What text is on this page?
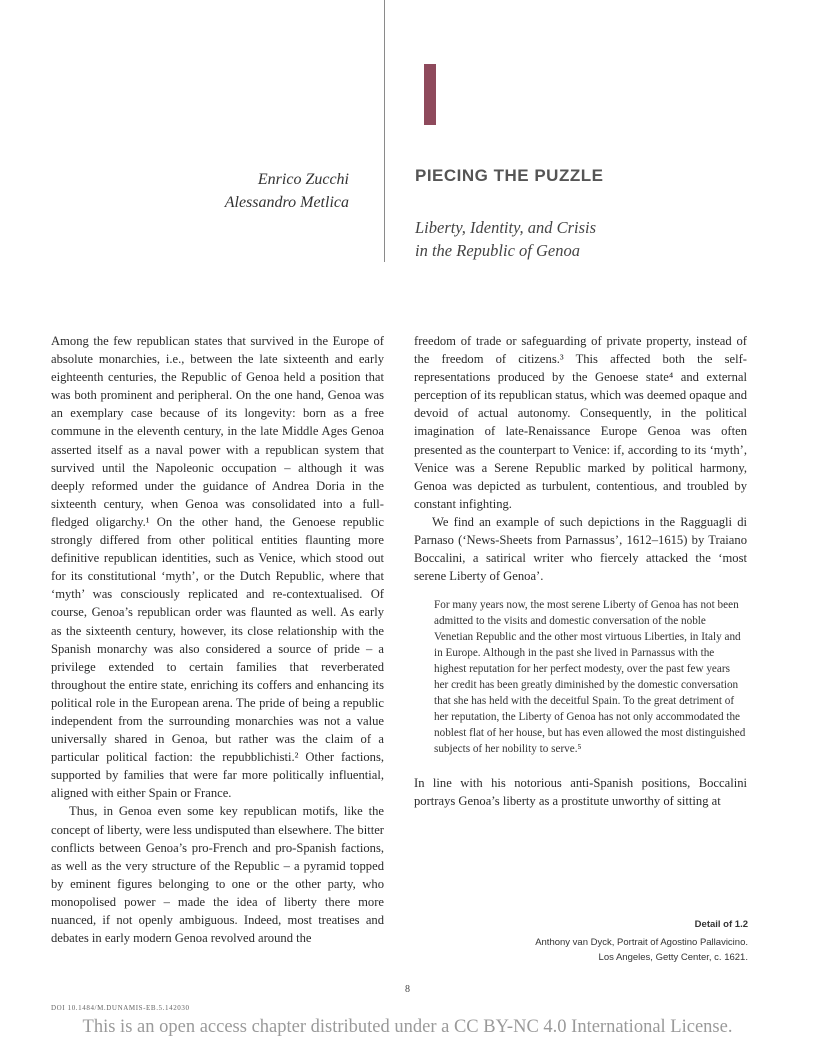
Enrico Zucchi
Alessandro Metlica
PIECING THE PUZZLE
Liberty, Identity, and Crisis
in the Republic of Genoa

Among the few republican states that survived in the Europe of absolute monarchies, i.e., between the late sixteenth and early eighteenth centuries, the Republic of Genoa held a position that was both prominent and peripheral. On the one hand, Genoa was an exemplary case because of its longevity: born as a free commune in the eleventh century, in the late Middle Ages Genoa asserted itself as a naval power with a republican system that survived until the Napoleonic occupation – although it was deeply reformed under the guidance of Andrea Doria in the sixteenth century, when Genoa was consolidated into a full-fledged oligarchy.¹ On the other hand, the Genoese republic strongly differed from other political entities flaunting more definitive republican identities, such as Venice, which stood out for its constitutional ‘myth’, or the Dutch Republic, where that ‘myth’ was consciously replicated and re-contextualised. Of course, Genoa’s republican order was flaunted as well. As early as the sixteenth century, however, its close relationship with the Spanish monarchy was also considered a source of pride – a privilege extended to certain families that reverberated throughout the entire state, enriching its coffers and enhancing its political role in the European arena. The pride of being a republic independent from the surrounding monarchies was not a value universally shared in Genoa, but rather was the claim of a particular political faction: the repubblichisti.² Other factions, supported by families that were far more politically influential, aligned with either Spain or France.

Thus, in Genoa even some key republican motifs, like the concept of liberty, were less undisputed than elsewhere. The bitter conflicts between Genoa’s pro-French and pro-Spanish factions, as well as the very structure of the Republic – a pyramid topped by eminent figures belonging to one or the other party, who monopolised power – made the idea of liberty there more nuanced, if not openly ambiguous. Indeed, most treatises and debates in early modern Genoa revolved around the

freedom of trade or safeguarding of private property, instead of the freedom of citizens.³ This affected both the self-representations produced by the Genoese state⁴ and external perception of its republican status, which was deemed opaque and devoid of actual autonomy. Consequently, in the political imagination of late-Renaissance Europe Genoa was often presented as the counterpart to Venice: if, according to its ‘myth’, Venice was a Serene Republic marked by political harmony, Genoa was depicted as turbulent, contentious, and troubled by constant infighting.

We find an example of such depictions in the Ragguagli di Parnaso (‘News-Sheets from Parnassus’, 1612–1615) by Traiano Boccalini, a satirical writer who fiercely attacked the ‘most serene Liberty of Genoa’.

For many years now, the most serene Liberty of Genoa has not been admitted to the visits and domestic conversation of the noble Venetian Republic and the other most virtuous Liberties, in Italy and in Europe. Although in the past she lived in Parnassus with the highest reputation for her perfect modesty, over the past few years her credit has been greatly diminished by the domestic conversation that she has held with the deceitful Spain. To the great detriment of her reputation, the Liberty of Genoa has not only accommodated the noblest flat of her house, but has even allowed the most distinguished subjects of her nobility to serve.⁵

In line with his notorious anti-Spanish positions, Boccalini portrays Genoa’s liberty as a prostitute unworthy of sitting at

Detail of 1.2
Anthony van Dyck, Portrait of Agostino Pallavicino.
Los Angeles, Getty Center, c. 1621.
8
DOI 10.1484/M.DUNAMIS-EB.5.142030
This is an open access chapter distributed under a CC BY-NC 4.0 International License.
